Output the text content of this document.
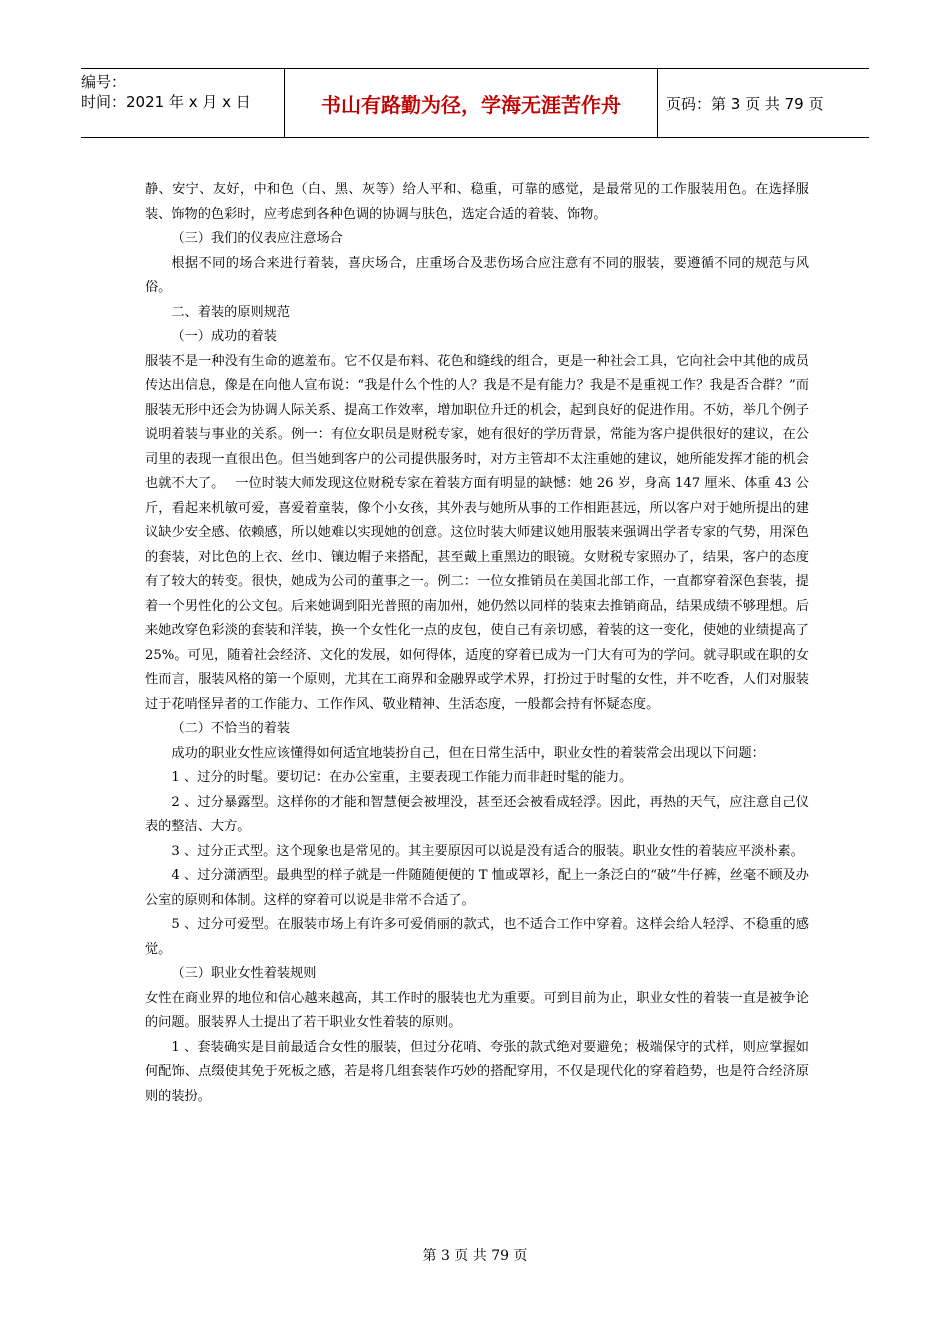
编号：
时间：2021 年 x 月 x 日	书山有路勤为径，学海无涯苦作舟	页码：第 3 页 共 79 页

静、安宁、友好，中和色（白、黑、灰等）给人平和、稳重，可靠的感觉，是最常见的工作服装用色。在选择服装、饰物的色彩时，应考虑到各种色调的协调与肤色，选定合适的着装、饰物。

（三）我们的仪表应注意场合

根据不同的场合来进行着装，喜庆场合，庄重场合及悲伤场合应注意有不同的服装，要遵循不同的规范与风俗。

二、着装的原则规范

（一）成功的着装

服装不是一种没有生命的遮羞布。它不仅是布料、花色和缝线的组合，更是一种社会工具，它向社会中其他的成员传达出信息，像是在向他人宣布说：“我是什么个性的人？我是不是有能力？我是不是重视工作？我是否合群？”而服装无形中还会为协调人际关系、提高工作效率，增加职位升迁的机会，起到良好的促进作用。不妨，举几个例子说明着装与事业的关系。例一：有位女职员是财税专家，她有很好的学历背景，常能为客户提供很好的建议，在公司里的表现一直很出色。但当她到客户的公司提供服务时，对方主管却不太注重她的建议，她所能发挥才能的机会也就不大了。　 一位时装大师发现这位财税专家在着装方面有明显的缺憾：她 26 岁，身高 147 厘米、体重 43 公斤，看起来机敏可爱，喜爱着童装，像个小女孩，其外表与她所从事的工作相距甚远，所以客户对于她所提出的建议缺少安全感、依赖感，所以她难以实现她的创意。这位时装大师建议她用服装来强调出学者专家的气势，用深色的套装，对比色的上衣、丝巾、镶边帽子来搭配，甚至戴上重黑边的眼镜。女财税专家照办了，结果，客户的态度有了较大的转变。很快，她成为公司的董事之一。例二：一位女推销员在美国北部工作，一直都穿着深色套装，提着一个男性化的公文包。后来她调到阳光普照的南加州，她仍然以同样的装束去推销商品，结果成绩不够理想。后来她改穿色彩淡的套装和洋装，换一个女性化一点的皮包，使自己有亲切感，着装的这一变化，使她的业绩提高了 25%。可见，随着社会经济、文化的发展，如何得体，适度的穿着已成为一门大有可为的学问。就寻职或在职的女性而言，服装风格的第一个原则，尤其在工商界和金融界或学术界，打扮过于时髦的女性，并不吃香，人们对服装过于花哨怪异者的工作能力、工作作风、敬业精神、生活态度，一般都会持有怀疑态度。

（二）不恰当的着装

成功的职业女性应该懂得如何适宜地装扮自己，但在日常生活中，职业女性的着装常会出现以下问题：

1 、过分的时髦。要切记：在办公室重，主要表现工作能力而非赶时髦的能力。

2 、过分暴露型。这样你的才能和智慧便会被埋没，甚至还会被看成轻浮。因此，再热的天气，应注意自己仪表的整洁、大方。

3 、过分正式型。这个现象也是常见的。其主要原因可以说是没有适合的服装。职业女性的着装应平淡朴素。

4 、过分潇洒型。最典型的样子就是一件随随便便的 T 恤或罩衫，配上一条泛白的“破”牛仔裤，丝毫不顾及办公室的原则和体制。这样的穿着可以说是非常不合适了。

5 、过分可爱型。在服装市场上有许多可爱俏丽的款式，也不适合工作中穿着。这样会给人轻浮、不稳重的感觉。

（三）职业女性着装规则

女性在商业界的地位和信心越来越高，其工作时的服装也尤为重要。可到目前为止，职业女性的着装一直是被争论的问题。服装界人士提出了若干职业女性着装的原则。

1 、套装确实是目前最适合女性的服装，但过分花哨、夸张的款式绝对要避免；极端保守的式样，则应掌握如何配饰、点缀使其免于死板之感，若是将几组套装作巧妙的搭配穿用，不仅是现代化的穿着趋势，也是符合经济原则的装扮。

第 3 页 共 79 页
